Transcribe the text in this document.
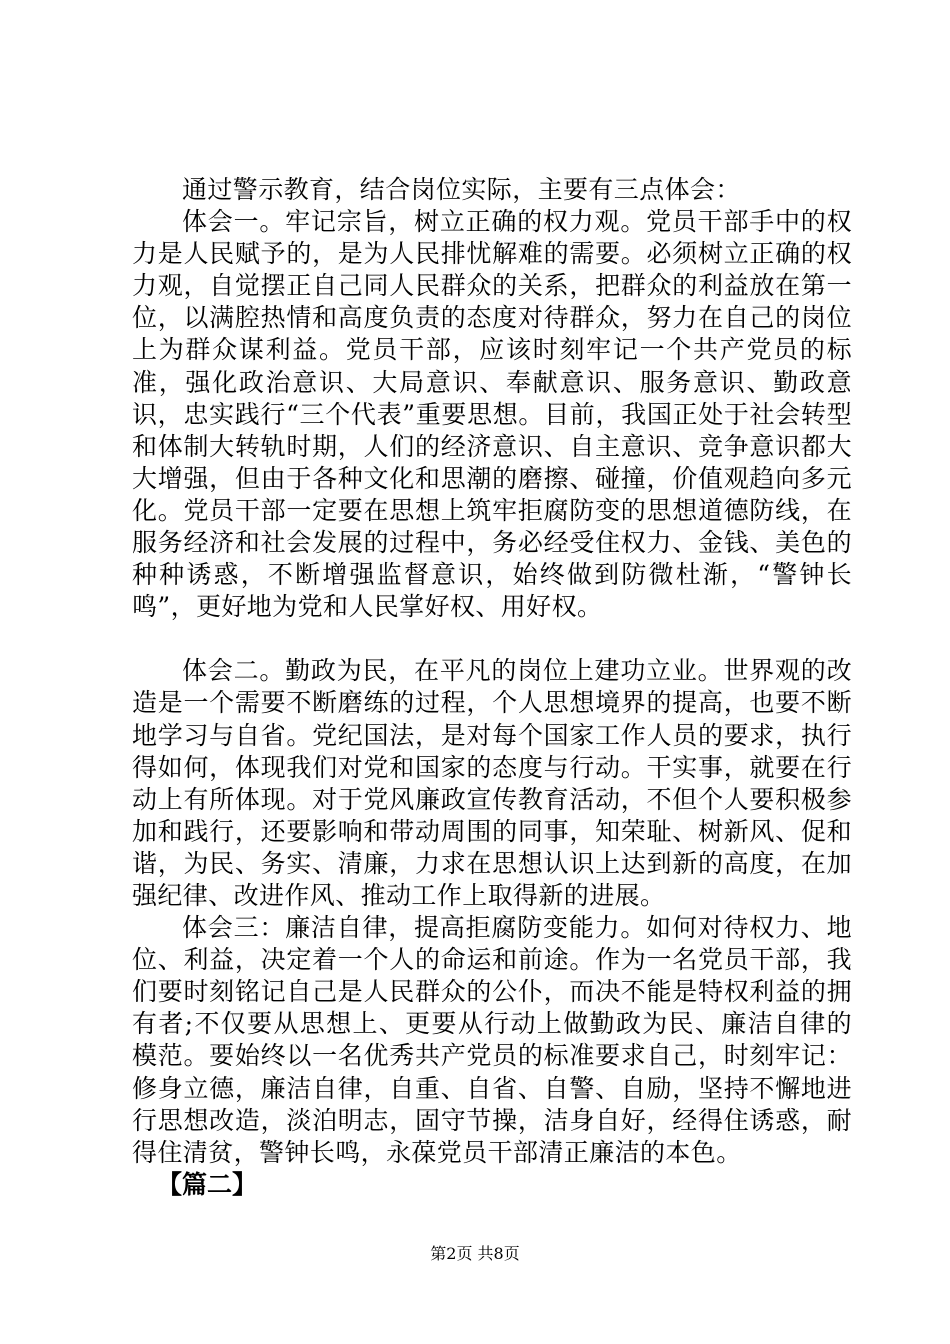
通过警示教育，结合岗位实际，主要有三点体会：

体会一。牢记宗旨，树立正确的权力观。党员干部手中的权力是人民赋予的，是为人民排忧解难的需要。必须树立正确的权力观，自觉摆正自己同人民群众的关系，把群众的利益放在第一位，以满腔热情和高度负责的态度对待群众，努力在自己的岗位上为群众谋利益。党员干部，应该时刻牢记一个共产党员的标准，强化政治意识、大局意识、奉献意识、服务意识、勤政意识，忠实践行“三个代表”重要思想。目前，我国正处于社会转型和体制大转轨时期，人们的经济意识、自主意识、竞争意识都大大增强，但由于各种文化和思潮的磨擦、碰撞，价值观趋向多元化。党员干部一定要在思想上筑牢拒腐防变的思想道德防线，在服务经济和社会发展的过程中，务必经受住权力、金钱、美色的种种诱惑，不断增强监督意识，始终做到防微杜渐，“警钟长鸣”，更好地为党和人民掌好权、用好权。

体会二。勤政为民，在平凡的岗位上建功立业。世界观的改造是一个需要不断磨练的过程，个人思想境界的提高，也要不断地学习与自省。党纪国法，是对每个国家工作人员的要求，执行得如何，体现我们对党和国家的态度与行动。干实事，就要在行动上有所体现。对于党风廉政宣传教育活动，不但个人要积极参加和践行，还要影响和带动周围的同事，知荣耻、树新风、促和谐，为民、务实、清廉，力求在思想认识上达到新的高度，在加强纪律、改进作风、推动工作上取得新的进展。

体会三：廉洁自律，提高拒腐防变能力。如何对待权力、地位、利益，决定着一个人的命运和前途。作为一名党员干部，我们要时刻铭记自己是人民群众的公仆，而决不能是特权利益的拥有者;不仅要从思想上、更要从行动上做勤政为民、廉洁自律的模范。要始终以一名优秀共产党员的标准要求自己，时刻牢记：修身立德，廉洁自律，自重、自省、自警、自励，坚持不懈地进行思想改造，淡泊明志，固守节操，洁身自好，经得住诱惑，耐得住清贫，警钟长鸣，永葆党员干部清正廉洁的本色。

【篇二】

第2页 共8页
